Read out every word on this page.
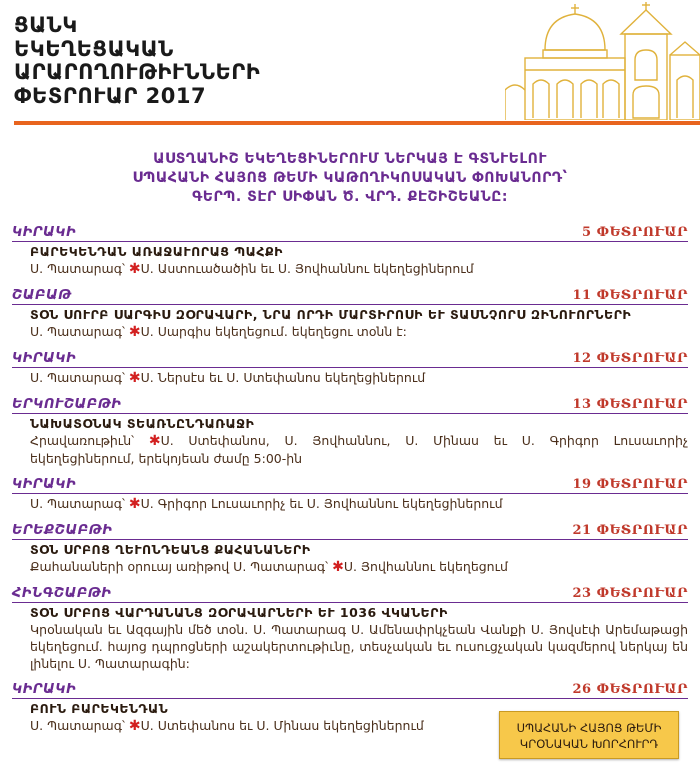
ՑԱՆԿ
ԵԿԵՂԵՑԱԿԱՆ
ԱՐԱՐՈՂՈՒԹԻՒՆՆԵՐԻ
ՓԵՏՐՈՒԱՐ 2017
ԱՍՏՂԱՆԻՇ ԵԿԵՂԵՑԻՆԵՐՈՒՄ ՆԵՐԿԱՅ Է ԳՏՆՒԵԼՈՒ
ՍՊԱՀԱՆԻ ՀԱՅՈՑ ԹԵՄԻ ԿԱԹՈՂԻԿՈՍԱԿԱՆ ՓՈԽԱՆՈՐԴ՝
ԳԵՐՊ. ՏԷՐ ՍԻՓԱՆ Ծ. ՎՐԴ. ՔԷՇԻՇԵԱՆԸ:
ԿԻՐԱԿԻ	5 ՓԵՏՐՈՒԱՐ
ԲԱՐԵԿԵՆԴԱՆ ԱՌԱՋԱՒՈՐԱՑ ՊԱՀՔԻ
Ս. Պատարագ՝ ✱Ս. Աստուածածին եւ Ս. Յովհաննու եկեղեցիներում
ՇԱԲԱԹ	11 ՓԵՏՐՈՒԱՐ
ՏՕՆ ՍՈՒՐԲ ՍԱՐԳԻՍ ԶՕՐԱՎԱՐԻ, ՆՐԱ ՈՐԴԻ ՄԱՐՏԻՐՈՍԻ ԵՒ ՏԱՍՆՉՈՐՍ ԶԻՆՈՒՈՐՆԵՐԻ
Ս. Պատարագ՝ ✱Ս. Սարգիս եկեղեցում. եկեղեցու տօնն է:
ԿԻՐԱԿԻ	12 ՓԵՏՐՈՒԱՐ
Ս. Պատարագ՝ ✱Ս. Ներսէս եւ Ս. Ստեփանոս եկեղեցիներում
ԵՐԿՈՒՇԱԲԹԻ	13 ՓԵՏՐՈՒԱՐ
ՆԱԽԱՏՕՆԱԿ ՏԵԱՌՆԸՆԴԱՌԱՋԻ
Հրավառութիւն՝ ✱Ս. Ստեփանոս, Ս. Յովհաննու, Ս. Մինաս եւ Ս. Գրիգոր Լուսաւորիչ եկեղեցիներում, երեկոյեան ժամը 5:00-ին
ԿԻՐԱԿԻ	19 ՓԵՏՐՈՒԱՐ
Ս. Պատարագ՝ ✱Ս. Գրիգոր Լուսաւորիչ եւ Ս. Յովհաննու եկեղեցիներում
ԵՐԵՔՇԱԲԹԻ	21 ՓԵՏՐՈՒԱՐ
ՏՕՆ ՍՐԲՈՑ ՂԵՒՈՆԴԵԱՆՑ ՔԱՀԱՆԱՆԵՐԻ
Քահանաների օրուայ առիթով Ս. Պատարագ՝ ✱Ս. Յովհաննու եկեղեցում
ՀԻՆԳՇԱԲԹԻ	23 ՓԵՏՐՈՒԱՐ
ՏՕՆ ՍՐԲՈՑ ՎԱՐԴԱՆԱՆՑ ԶՕՐԱՎԱՐՆԵՐԻ ԵՒ 1036 ՎԿԱՆԵՐԻ
Կրօնական եւ Ազգային մեծ տօն. Ս. Պատարագ Ս. Ամենափրկչեան Վանքի Ս. Յովսէփ Արեմաթացի եկեղեցում. հայոց դպրոցների աշակերտութիւնը, տեսչական եւ ուսուցչական կազմերով ներկայ են լինելու Ս. Պատարագին:
ԿԻՐԱԿԻ	26 ՓԵՏՐՈՒԱՐ
ԲՈՒՆ ԲԱՐԵԿԵՆԴԱՆ
Ս. Պատարագ՝ ✱Ս. Ստեփանոս եւ Ս. Մինաս եկեղեցիներում	ՍՊԱՀԱՆԻ ՀԱՅՈՑ ԹԵՄԻ
ԿՐՕՆԱԿԱՆ ԽՈՐՀՈՒՐԴ
